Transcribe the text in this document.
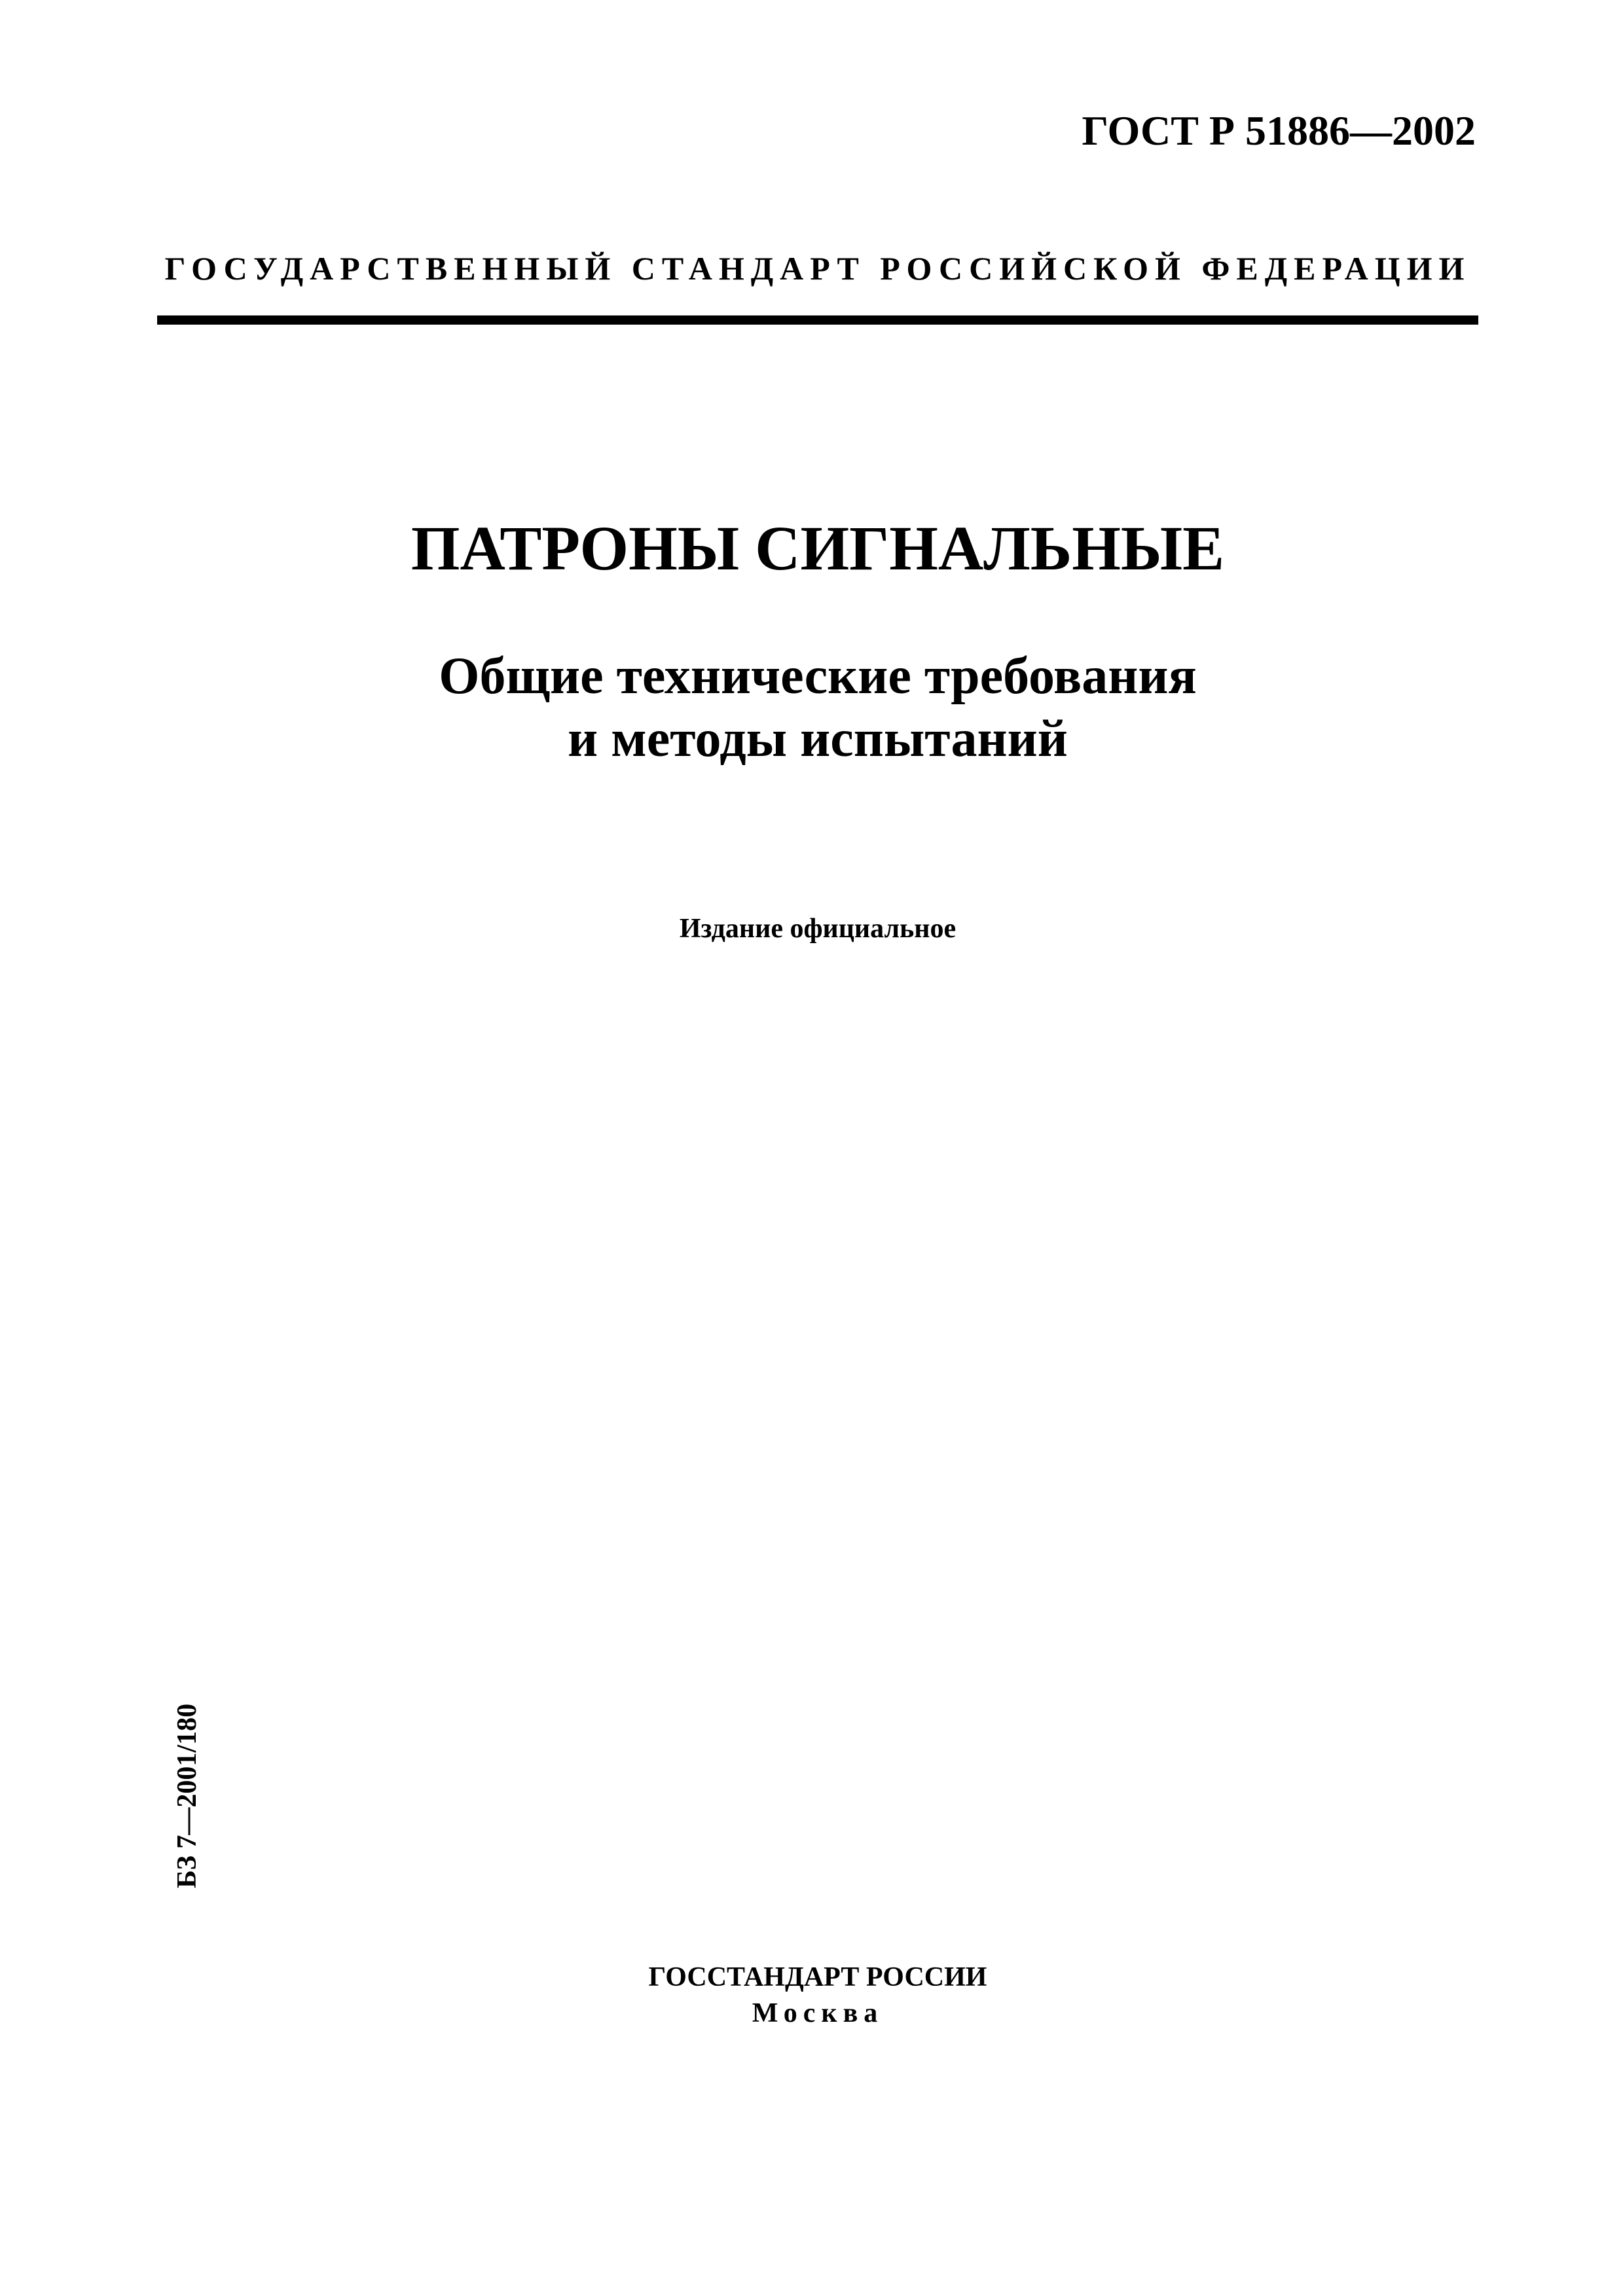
ГОСТ Р 51886—2002
ГОСУДАРСТВЕННЫЙ СТАНДАРТ РОССИЙСКОЙ ФЕДЕРАЦИИ
ПАТРОНЫ СИГНАЛЬНЫЕ
Общие технические требования
и методы испытаний
Издание официальное
БЗ 7—2001/180
ГОССТАНДАРТ РОССИИ
Москва
